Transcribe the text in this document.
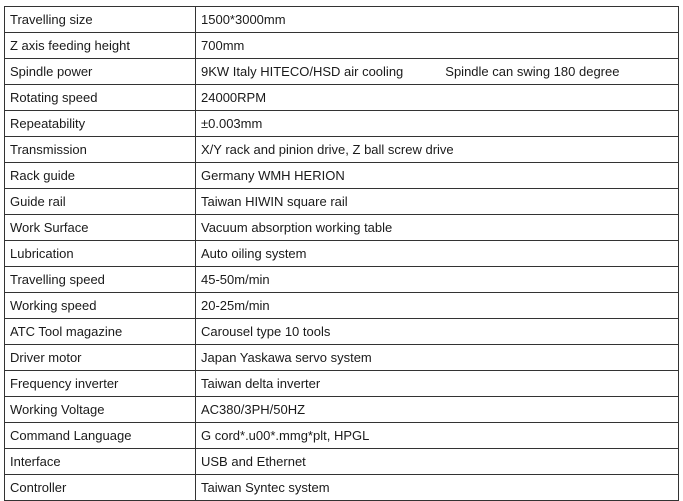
Travelling size	1500*3000mm
Z axis feeding height	700mm
Spindle power	9KW Italy HITECO/HSD air cooling Spindle can swing 180 degree
Rotating speed	24000RPM
Repeatability	±0.003mm
Transmission	X/Y rack and pinion drive, Z ball screw drive
Rack guide	Germany WMH HERION
Guide rail	Taiwan HIWIN square rail
Work Surface	Vacuum absorption working table
Lubrication	Auto oiling system
Travelling speed	45-50m/min
Working speed	20-25m/min
ATC Tool magazine	Carousel type 10 tools
Driver motor	Japan Yaskawa servo system
Frequency inverter	Taiwan delta inverter
Working Voltage	AC380/3PH/50HZ
Command Language	G cord*.u00*.mmg*plt, HPGL
Interface	USB and Ethernet
Controller	Taiwan Syntec system
